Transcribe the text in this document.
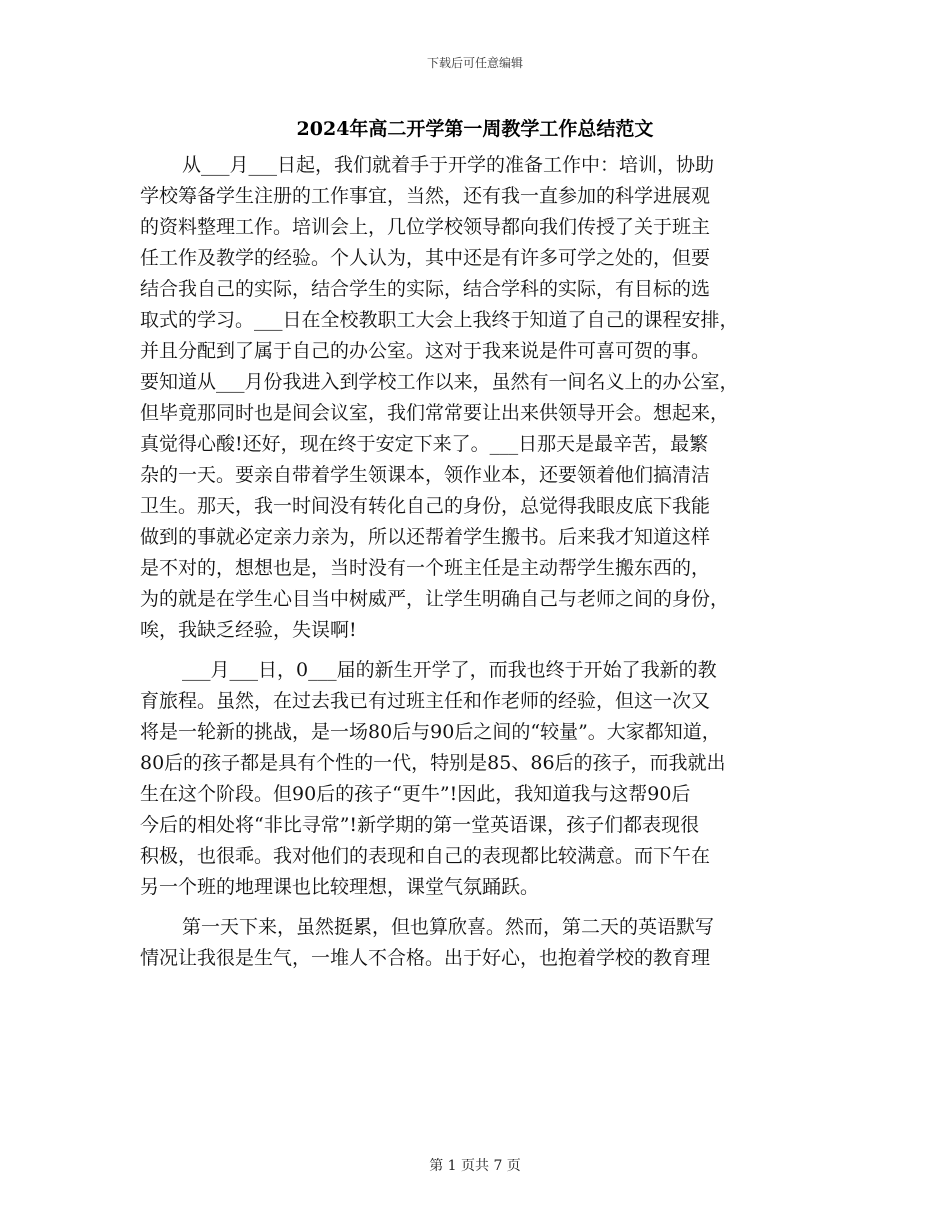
下载后可任意编辑
2024年高二开学第一周教学工作总结范文
从___月___日起，我们就着手于开学的准备工作中：培训，协助
学校筹备学生注册的工作事宜，当然，还有我一直参加的科学进展观
的资料整理工作。培训会上，几位学校领导都向我们传授了关于班主
任工作及教学的经验。个人认为，其中还是有许多可学之处的，但要
结合我自己的实际，结合学生的实际，结合学科的实际，有目标的选
取式的学习。___日在全校教职工大会上我终于知道了自己的课程安排，
并且分配到了属于自己的办公室。这对于我来说是件可喜可贺的事。
要知道从___月份我进入到学校工作以来，虽然有一间名义上的办公室，
但毕竟那同时也是间会议室，我们常常要让出来供领导开会。想起来，
真觉得心酸!还好，现在终于安定下来了。___日那天是最辛苦，最繁
杂的一天。要亲自带着学生领课本，领作业本，还要领着他们搞清洁
卫生。那天，我一时间没有转化自己的身份，总觉得我眼皮底下我能
做到的事就必定亲力亲为，所以还帮着学生搬书。后来我才知道这样
是不对的，想想也是，当时没有一个班主任是主动帮学生搬东西的，
为的就是在学生心目当中树威严，让学生明确自己与老师之间的身份，
唉，我缺乏经验，失误啊!
___月___日，0___届的新生开学了，而我也终于开始了我新的教
育旅程。虽然，在过去我已有过班主任和作老师的经验，但这一次又
将是一轮新的挑战，是一场80后与90后之间的“较量”。大家都知道，
80后的孩子都是具有个性的一代，特别是85、86后的孩子，而我就出
生在这个阶段。但90后的孩子“更牛”!因此，我知道我与这帮90后
今后的相处将“非比寻常”!新学期的第一堂英语课，孩子们都表现很
积极，也很乖。我对他们的表现和自己的表现都比较满意。而下午在
另一个班的地理课也比较理想，课堂气氛踊跃。
第一天下来，虽然挺累，但也算欣喜。然而，第二天的英语默写
情况让我很是生气，一堆人不合格。出于好心，也抱着学校的教育理
第 1 页共 7 页
